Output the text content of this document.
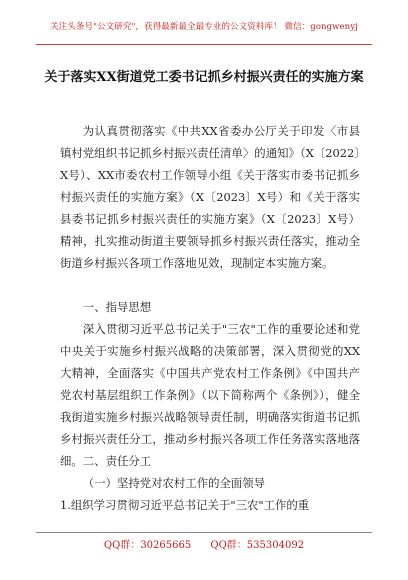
关注头条号"公文研究"，获得最新最全最专业的公文资料库！ 微信：gongwenyj
关于落实XX街道党工委书记抓乡村振兴责任的实施方案

为认真贯彻落实《中共XX省委办公厅关于印发〈市县镇村党组织书记抓乡村振兴责任清单〉的通知》（X〔2022〕X号）、XX市委农村工作领导小组《关于落实市委书记抓乡村振兴责任的实施方案》（X〔2023〕X号）和《关于落实县委书记抓乡村振兴责任的实施方案》（X〔2023〕X号）精神，扎实推动街道主要领导抓乡村振兴责任落实，推动全街道乡村振兴各项工作落地见效，现制定本实施方案。

一、指导思想

深入贯彻习近平总书记关于"三农"工作的重要论述和党中央关于实施乡村振兴战略的决策部署，深入贯彻党的XX大精神，全面落实《中国共产党农村工作条例》《中国共产党农村基层组织工作条例》（以下简称两个《条例》），健全我街道实施乡村振兴战略领导责任制，明确落实街道书记抓乡村振兴责任分工，推动乡村振兴各项工作任务落实落地落细。 二、责任分工

（一）坚持党对农村工作的全面领导

1.组织学习贯彻习近平总书记关于"三农"工作的重

QQ群：30265665 QQ群：535304092
